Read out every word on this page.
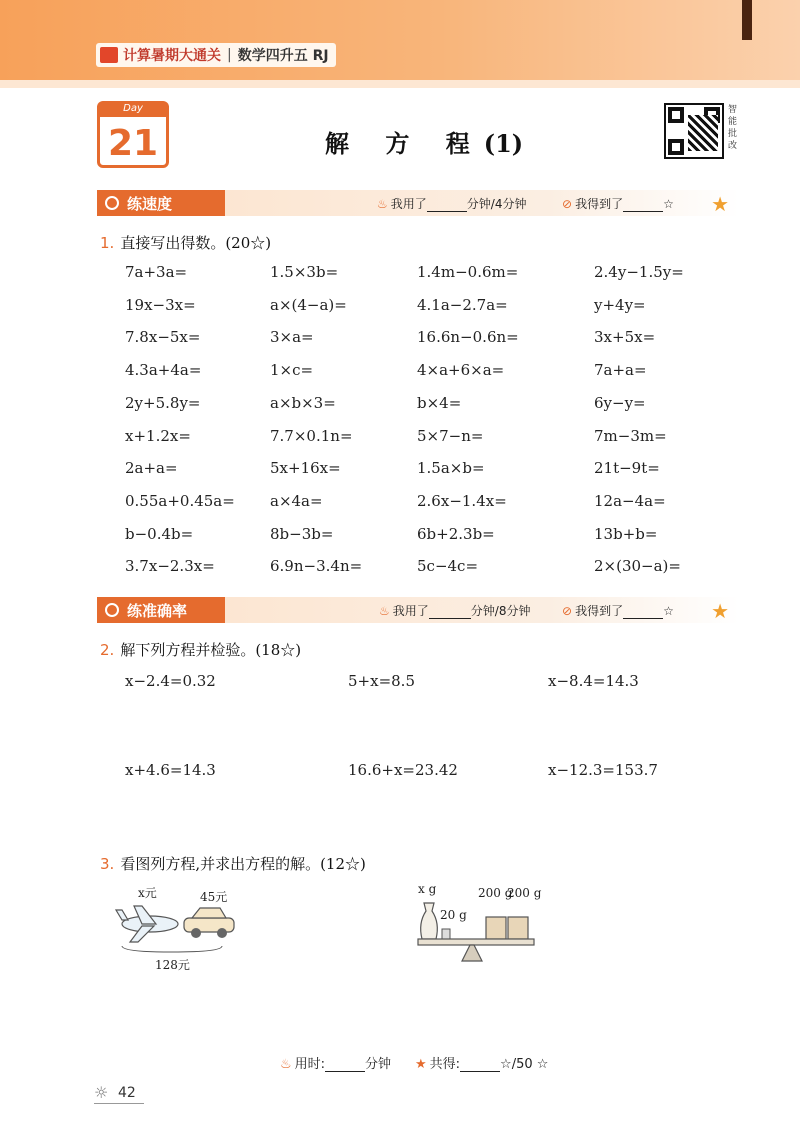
计算暑期大通关 | 数学四升五 RJ
Day
21	解 方 程(1)
智能批改
练速度	♨ 我用了	分钟/4分钟	⊘ 我得到了	☆ ★
1. 直接写出得数。(20☆)
7a+3a=	1.5×3b=	1.4m−0.6m=	2.4y−1.5y=
19x−3x=	a×(4−a)=	4.1a−2.7a=	y+4y=
7.8x−5x=	3×a=	16.6n−0.6n=	3x+5x=
4.3a+4a=	1×c=	4×a+6×a=	7a+a=
2y+5.8y=	a×b×3=	b×4=	6y−y=
x+1.2x=	7.7×0.1n=	5×7−n=	7m−3m=
2a+a=	5x+16x=	1.5a×b=	21t−9t=
0.55a+0.45a= a×4a=	2.6x−1.4x=	12a−4a=
b−0.4b=	8b−3b=	6b+2.3b=	13b+b=
3.7x−2.3x=	6.9n−3.4n=	5c−4c=	2×(30−a)=
练准确率	♨ 我用了	分钟/8分钟	⊘ 我得到了	☆ ★
2. 解下列方程并检验。(18☆)
x−2.4=0.32	5+x=8.5	x−8.4=14.3
x+4.6=14.3	16.6+x=23.42	x−12.3=153.7
3. 看图列方程,并求出方程的解。(12☆)
x元	45元
128元
x g	200 g
200 g
20 g
♨ 用时:	分钟 ★ 共得:	☆/50 ☆
☼ 42
